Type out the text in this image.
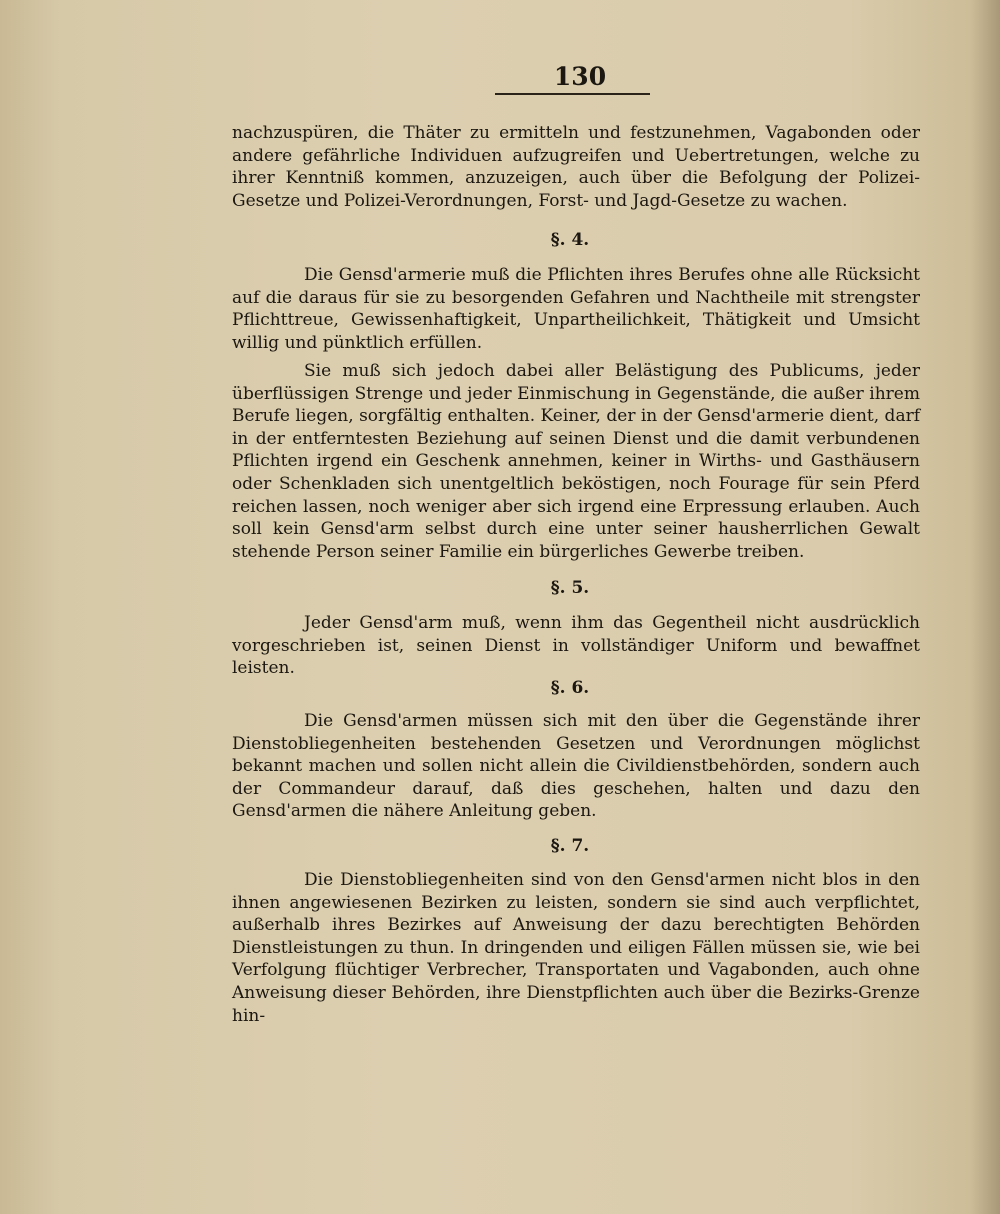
130

nachzuspüren, die Thäter zu ermitteln und festzunehmen, Vagabonden oder andere gefährliche Individuen aufzugreifen und Uebertretungen, welche zu ihrer Kenntniß kommen, anzuzeigen, auch über die Befolgung der Polizei-Gesetze und Polizei-Verordnungen, Forst- und Jagd-Gesetze zu wachen.

§. 4.

Die Gensd'armerie muß die Pflichten ihres Berufes ohne alle Rücksicht auf die daraus für sie zu besorgenden Gefahren und Nachtheile mit strengster Pflichttreue, Gewissenhaftigkeit, Unpartheilichkeit, Thätigkeit und Umsicht willig und pünktlich erfüllen.

Sie muß sich jedoch dabei aller Belästigung des Publicums, jeder überflüssigen Strenge und jeder Einmischung in Gegenstände, die außer ihrem Berufe liegen, sorgfältig enthalten. Keiner, der in der Gensd'armerie dient, darf in der entferntesten Beziehung auf seinen Dienst und die damit verbundenen Pflichten irgend ein Geschenk annehmen, keiner in Wirths- und Gasthäusern oder Schenkladen sich unentgeltlich beköstigen, noch Fourage für sein Pferd reichen lassen, noch weniger aber sich irgend eine Erpressung erlauben. Auch soll kein Gensd'arm selbst durch eine unter seiner hausherrlichen Gewalt stehende Person seiner Familie ein bürgerliches Gewerbe treiben.

§. 5.

Jeder Gensd'arm muß, wenn ihm das Gegentheil nicht ausdrücklich vorgeschrieben ist, seinen Dienst in vollständiger Uniform und bewaffnet leisten.

§. 6.

Die Gensd'armen müssen sich mit den über die Gegenstände ihrer Dienstobliegenheiten bestehenden Gesetzen und Verordnungen möglichst bekannt machen und sollen nicht allein die Civildienstbehörden, sondern auch der Commandeur darauf, daß dies geschehen, halten und dazu den Gensd'armen die nähere Anleitung geben.

§. 7.

Die Dienstobliegenheiten sind von den Gensd'armen nicht blos in den ihnen angewiesenen Bezirken zu leisten, sondern sie sind auch verpflichtet, außerhalb ihres Bezirkes auf Anweisung der dazu berechtigten Behörden Dienstleistungen zu thun. In dringenden und eiligen Fällen müssen sie, wie bei Verfolgung flüchtiger Verbrecher, Transportaten und Vagabonden, auch ohne Anweisung dieser Behörden, ihre Dienstpflichten auch über die Bezirks-Grenze hin-
